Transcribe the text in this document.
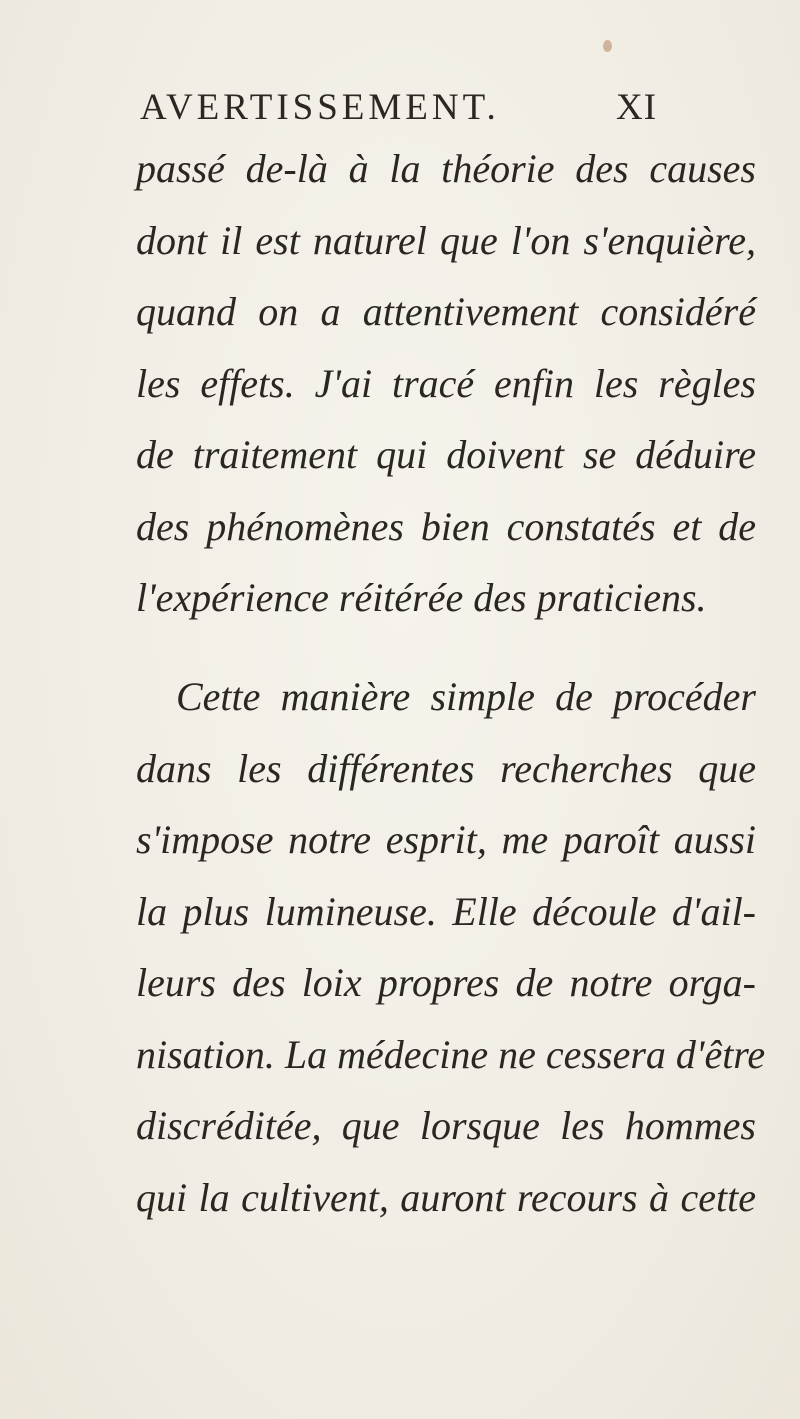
AVERTISSEMENT.	XI
passé de-là à la théorie des causes
dont il est naturel que l'on s'enquière,
quand on a attentivement considéré
les effets. J'ai tracé enfin les règles
de traitement qui doivent se déduire
des phénomènes bien constatés et de
l'expérience réitérée des praticiens.
Cette manière simple de procéder
dans les différentes recherches que
s'impose notre esprit, me paroît aussi
la plus lumineuse. Elle découle d'ail-
leurs des loix propres de notre orga-
nisation. La médecine ne cessera d'être
discréditée, que lorsque les hommes
qui la cultivent, auront recours à cette
